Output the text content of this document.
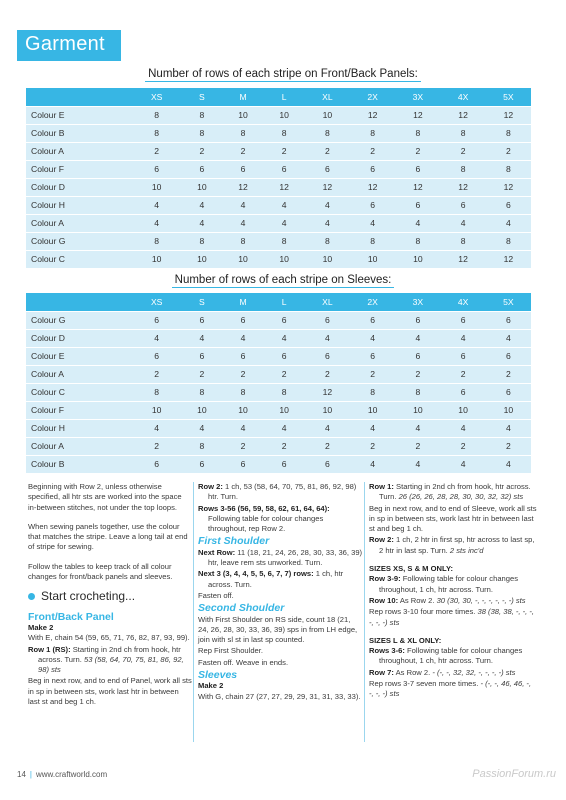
Garment
Number of rows of each stripe on Front/Back Panels:
	XS	S	M	L	XL	2X	3X	4X	5X
Colour E	8	8	10	10	10	12	12	12	12
Colour B	8	8	8	8	8	8	8	8	8
Colour A	2	2	2	2	2	2	2	2	2
Colour F	6	6	6	6	6	6	6	8	8
Colour D	10	10	12	12	12	12	12	12	12
Colour H	4	4	4	4	4	6	6	6	6
Colour A	4	4	4	4	4	4	4	4	4
Colour G	8	8	8	8	8	8	8	8	8
Colour C	10	10	10	10	10	10	10	12	12
Number of rows of each stripe on Sleeves:
	XS	S	M	L	XL	2X	3X	4X	5X
Colour G	6	6	6	6	6	6	6	6	6
Colour D	4	4	4	4	4	4	4	4	4
Colour E	6	6	6	6	6	6	6	6	6
Colour A	2	2	2	2	2	2	2	2	2
Colour C	8	8	8	8	12	8	8	6	6
Colour F	10	10	10	10	10	10	10	10	10
Colour H	4	4	4	4	4	4	4	4	4
Colour A	2	8	2	2	2	2	2	2	2
Colour B	6	6	6	6	6	4	4	4	4

Beginning with Row 2, unless otherwise specified, all htr sts are worked into the space in-between stitches, not under the top loops.

When sewing panels together, use the colour that matches the stripe. Leave a long tail at end of stripe for sewing.

Follow the tables to keep track of all colour changes for front/back panels and sleeves.

Start crocheting...
Front/Back Panel
Make 2
With E, chain 54 (59, 65, 71, 76, 82, 87, 93, 99).
Row 1 (RS): Starting in 2nd ch from hook, htr across. Turn. 53 (58, 64, 70, 75, 81, 86, 92, 98) sts
Beg in next row, and to end of Panel, work all sts in sp in between sts, work last htr in between last st and beg 1 ch.
Row 2: 1 ch, 53 (58, 64, 70, 75, 81, 86, 92, 98) htr. Turn.
Rows 3-56 (56, 59, 58, 62, 61, 64, 64): Following table for colour changes throughout, rep Row 2.
First Shoulder
Next Row: 11 (18, 21, 24, 26, 28, 30, 33, 36, 39) htr, leave rem sts unworked. Turn.
Next 3 (3, 4, 4, 5, 5, 6, 7, 7) rows: 1 ch, htr across. Turn.
Fasten off.
Second Shoulder
With First Shoulder on RS side, count 18 (21, 24, 26, 28, 30, 33, 36, 39) sps in from LH edge, join with sl st in last sp counted.
Rep First Shoulder.
Fasten off. Weave in ends.
Sleeves
Make 2
With G, chain 27 (27, 27, 29, 29, 31, 31, 33, 33).
Row 1: Starting in 2nd ch from hook, htr across. Turn. 26 (26, 26, 28, 28, 30, 30, 32, 32) sts
Beg in next row, and to end of Sleeve, work all sts in sp in between sts, work last htr in between last st and beg 1 ch.
Row 2: 1 ch, 2 htr in first sp, htr across to last sp, 2 htr in last sp. Turn. 2 sts inc'd
SIZES XS, S & M ONLY:
Row 3-9: Following table for colour changes throughout, 1 ch, htr across. Turn.
Row 10: As Row 2. 30 (30, 30, -, -, -, -, -, -) sts
Rep rows 3-10 four more times. 38 (38, 38, -, -, -, -, -, -) sts
SIZES L & XL ONLY:
Rows 3-6: Following table for colour changes throughout, 1 ch, htr across. Turn.
Row 7: As Row 2. - (-, -, 32, 32, -, -, -, -) sts
Rep rows 3-7 seven more times. - (-, -, 46, 46, -, -, -, -) sts
14 | www.craftworld.com	PassionForum.ru
